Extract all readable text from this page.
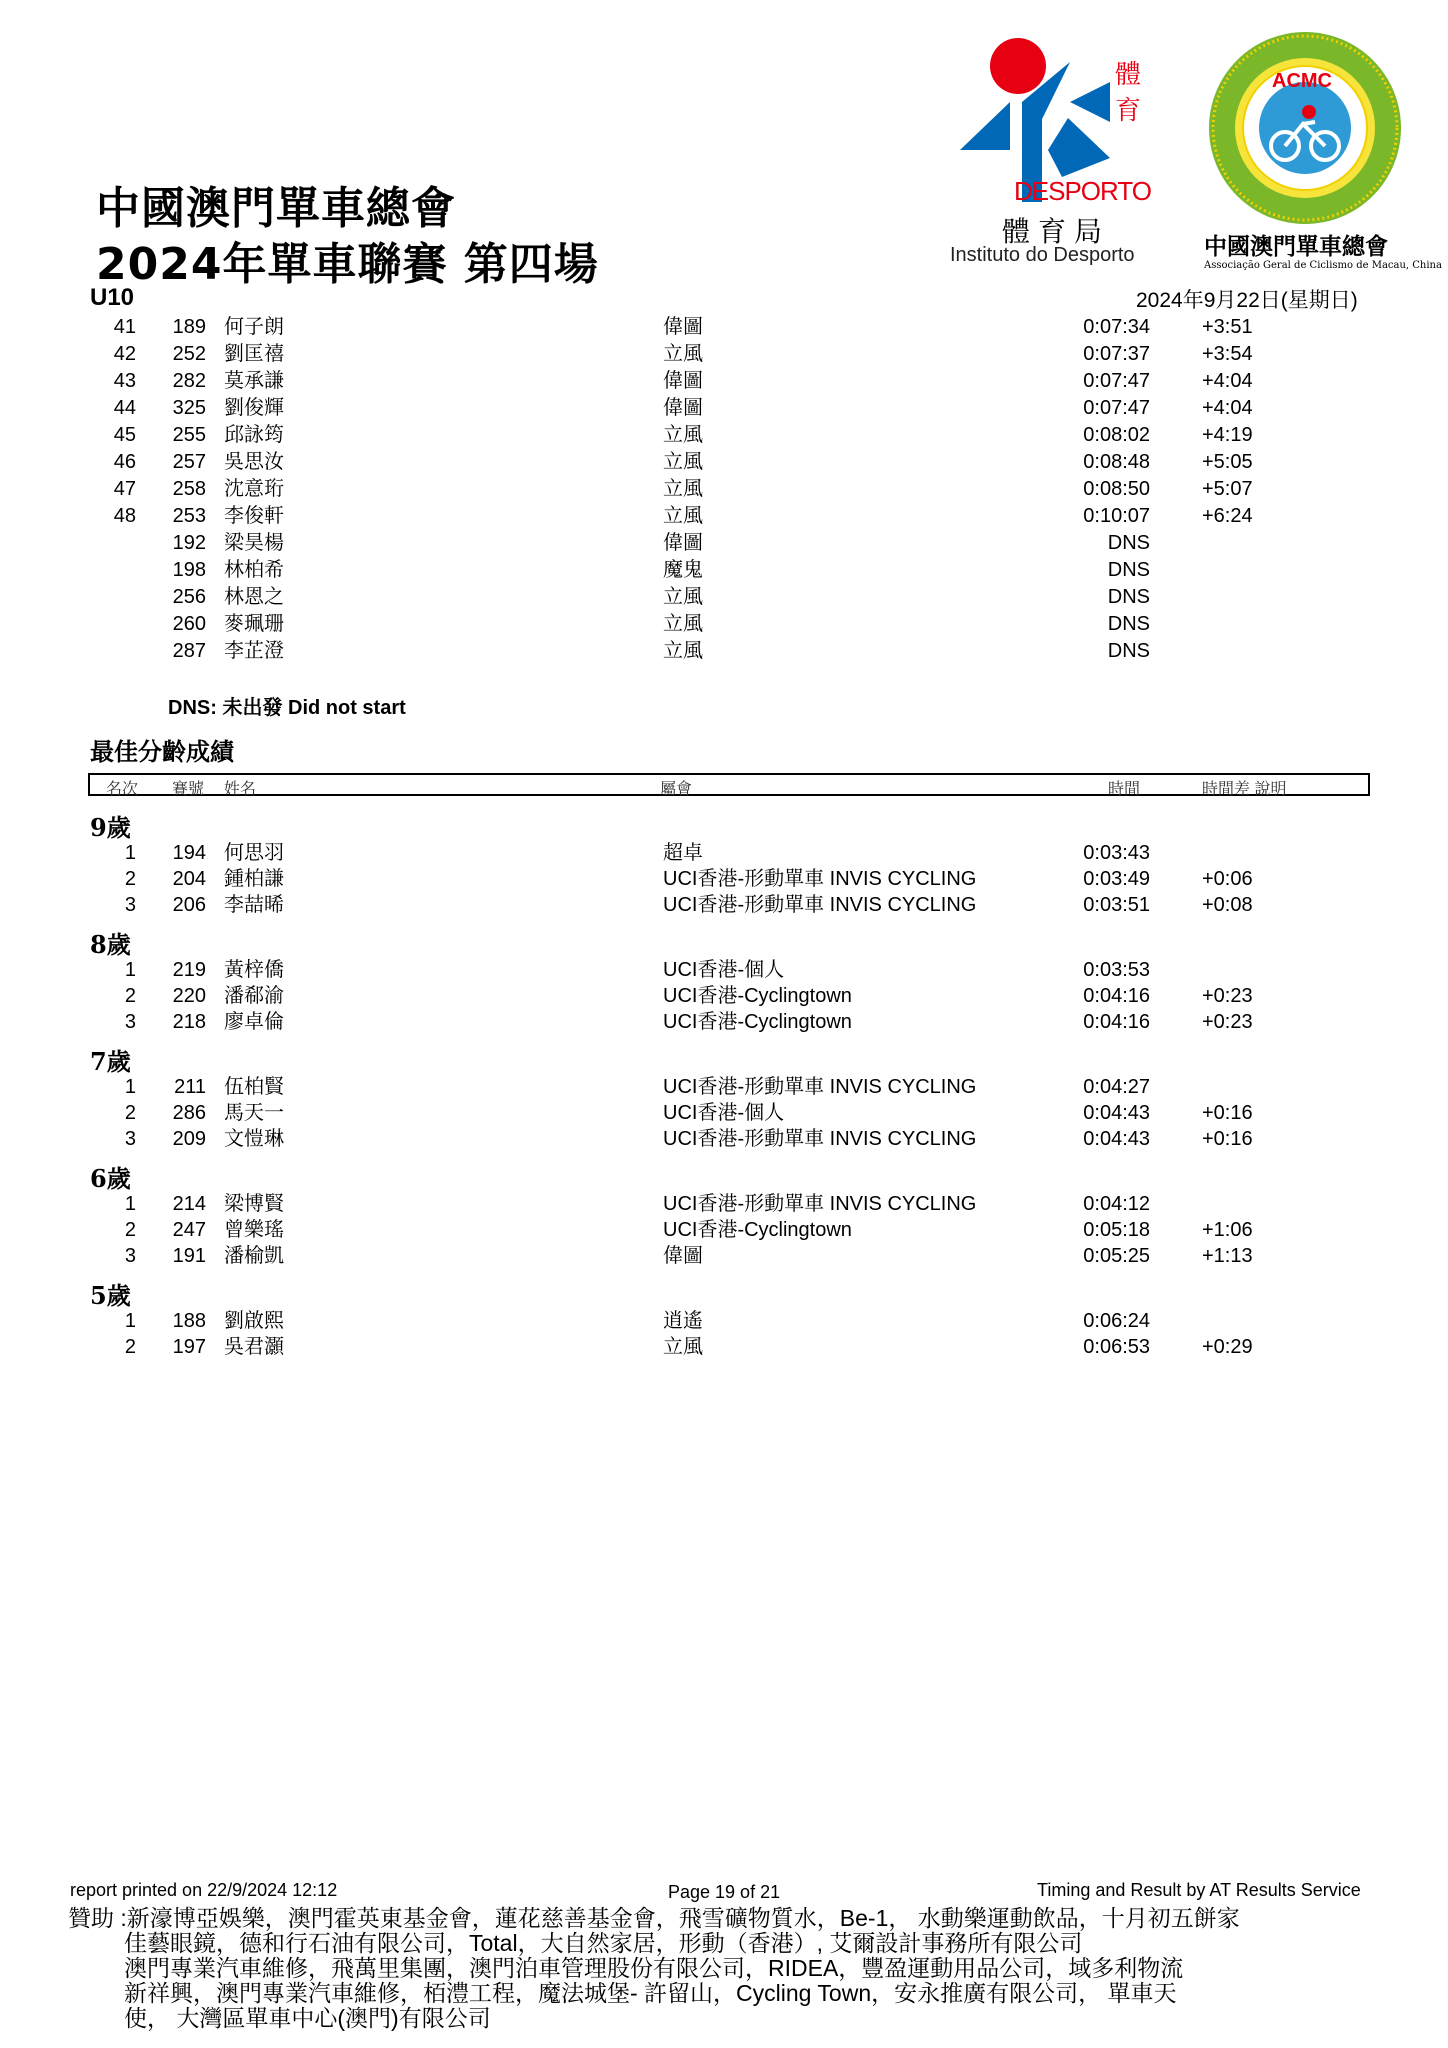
體
育
DESPORTO
體育局
Instituto do Desporto
ACMC
中國澳門單車總會
Associação Geral de Ciclismo de Macau, China
中國澳門單車總會
2024年單車聯賽 第四場
U10	2024年9月22日(星期日)
41	189 何子朗	偉圖	0:07:34	+3:51
42	252 劉匡禧	立風	0:07:37	+3:54
43	282 莫承謙	偉圖	0:07:47	+4:04
44	325 劉俊輝	偉圖	0:07:47	+4:04
45	255 邱詠筠	立風	0:08:02	+4:19
46	257 吳思汝	立風	0:08:48	+5:05
47	258 沈意珩	立風	0:08:50	+5:07
48	253 李俊軒	立風	0:10:07	+6:24
192 梁昊楊	偉圖	DNS
198 林柏希	魔鬼	DNS
256 林恩之	立風	DNS
260 麥珮珊	立風	DNS
287 李芷澄	立風	DNS
DNS: 未出發 Did not start
最佳分齡成績
名次 賽號 姓名	屬會	時間	時間差 說明
9歲
1	194 何思羽	超卓	0:03:43
2	204 鍾柏謙	UCI香港-形動單車 INVIS CYCLING	0:03:49	+0:06
3	206 李喆晞	UCI香港-形動單車 INVIS CYCLING	0:03:51	+0:08
8歲
1	219 黃梓僑	UCI香港-個人	0:03:53
2	220 潘郗渝	UCI香港-Cyclingtown	0:04:16	+0:23
3	218 廖卓倫	UCI香港-Cyclingtown	0:04:16	+0:23
7歲
1	211 伍柏賢	UCI香港-形動單車 INVIS CYCLING	0:04:27
2	286 馬天一	UCI香港-個人	0:04:43	+0:16
3	209 文愷琳	UCI香港-形動單車 INVIS CYCLING	0:04:43	+0:16
6歲
1	214 梁博賢	UCI香港-形動單車 INVIS CYCLING	0:04:12
2	247 曾樂瑤	UCI香港-Cyclingtown	0:05:18	+1:06
3	191 潘榆凱	偉圖	0:05:25	+1:13
5歲
1	188 劉啟熙	逍遙	0:06:24
2	197 吳君灝	立風	0:06:53	+0:29
report printed on 22/9/2024 12:12	Page 19 of 21	Timing and Result by AT Results Service
贊助 :新濠博亞娛樂，澳門霍英東基金會，蓮花慈善基金會，飛雪礦物質水，Be-1， 水動樂運動飲品，十月初五餅家
佳藝眼鏡，德和行石油有限公司，Total，大自然家居，形動（香港）, 艾爾設計事務所有限公司
澳門專業汽車維修，飛萬里集團，澳門泊車管理股份有限公司，RIDEA，豐盈運動用品公司，域多利物流
新祥興，澳門專業汽車維修，栢澧工程，魔法城堡- 許留山，Cycling Town，安永推廣有限公司， 單車天
使， 大灣區單車中心(澳門)有限公司
